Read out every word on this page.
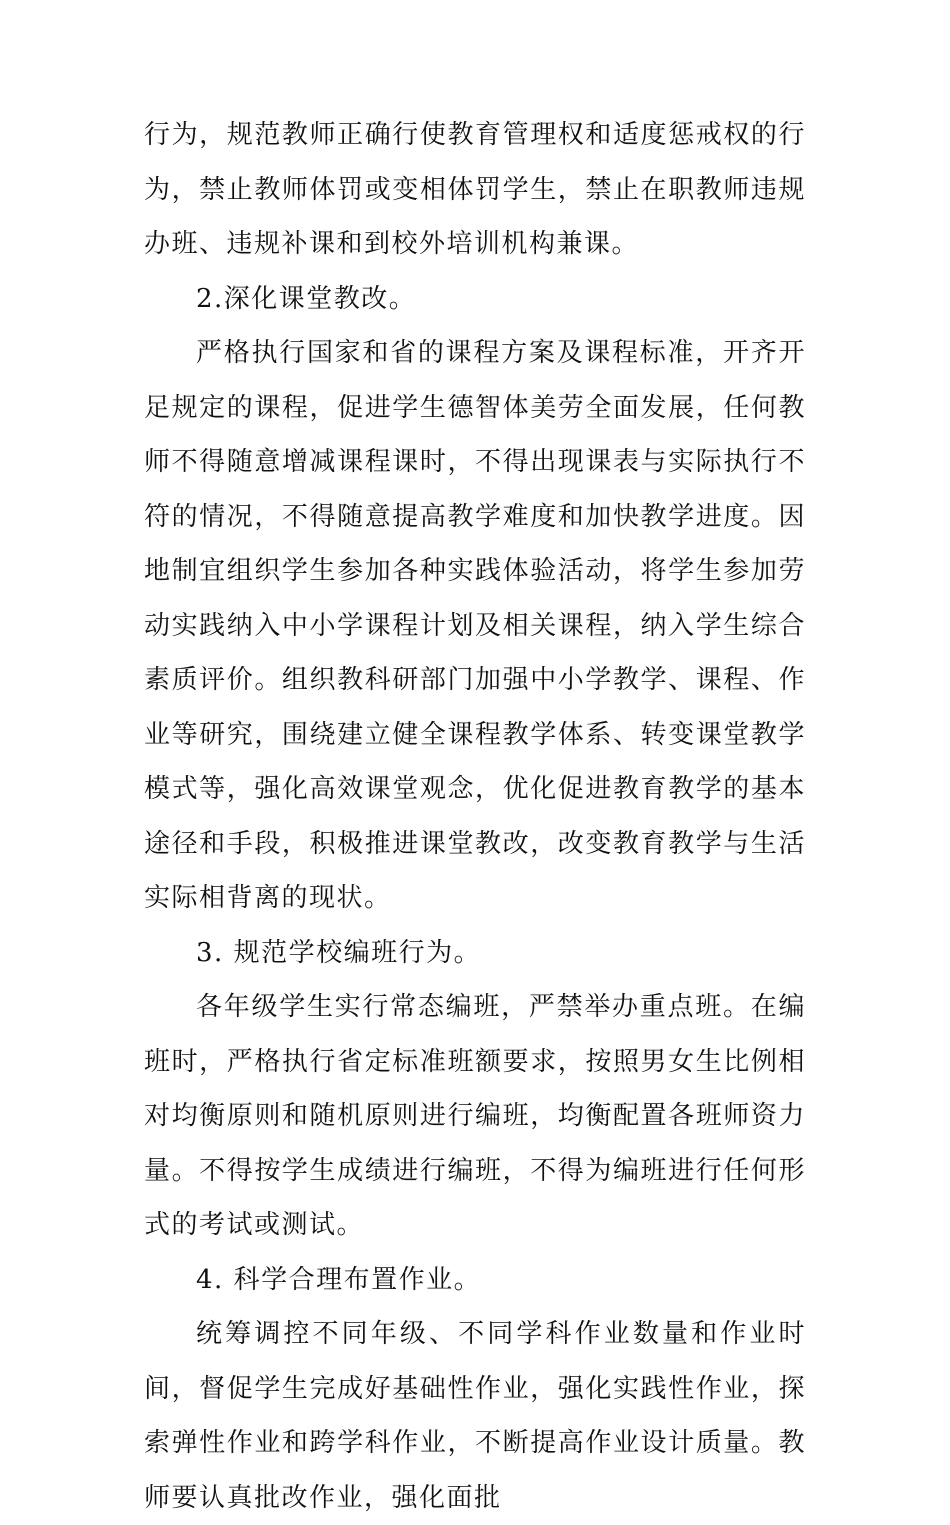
行为，规范教师正确行使教育管理权和适度惩戒权的行为，禁止教师体罚或变相体罚学生，禁止在职教师违规办班、违规补课和到校外培训机构兼课。

2.深化课堂教改。

严格执行国家和省的课程方案及课程标准，开齐开足规定的课程，促进学生德智体美劳全面发展，任何教师不得随意增减课程课时，不得出现课表与实际执行不符的情况，不得随意提高教学难度和加快教学进度。因地制宜组织学生参加各种实践体验活动，将学生参加劳动实践纳入中小学课程计划及相关课程，纳入学生综合素质评价。组织教科研部门加强中小学教学、课程、作业等研究，围绕建立健全课程教学体系、转变课堂教学模式等，强化高效课堂观念，优化促进教育教学的基本途径和手段，积极推进课堂教改，改变教育教学与生活实际相背离的现状。

3. 规范学校编班行为。

各年级学生实行常态编班，严禁举办重点班。在编班时，严格执行省定标准班额要求，按照男女生比例相对均衡原则和随机原则进行编班，均衡配置各班师资力量。不得按学生成绩进行编班，不得为编班进行任何形式的考试或测试。

4. 科学合理布置作业。

统筹调控不同年级、不同学科作业数量和作业时间，督促学生完成好基础性作业，强化实践性作业，探索弹性作业和跨学科作业，不断提高作业设计质量。教师要认真批改作业，强化面批
